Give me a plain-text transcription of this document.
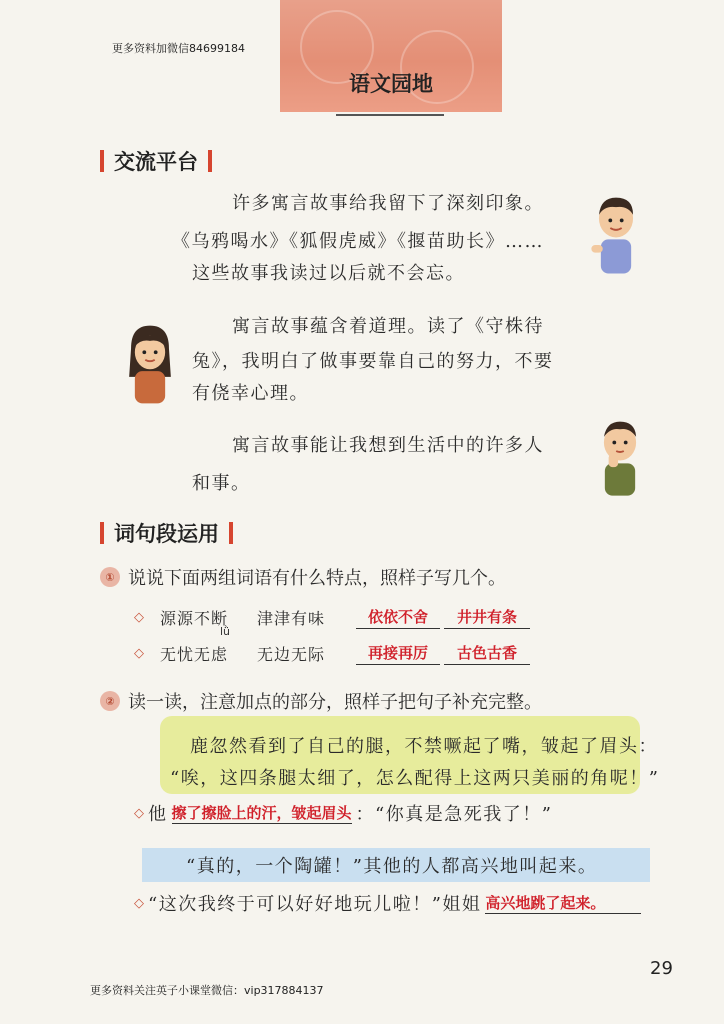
更多资料加微信84699184
语文园地
交流平台
许多寓言故事给我留下了深刻印象。
《乌鸦喝水》《狐假虎威》《揠苗助长》……
这些故事我读过以后就不会忘。
寓言故事蕴含着道理。读了《守株待
兔》，我明白了做事要靠自己的努力，不要
有侥幸心理。
寓言故事能让我想到生活中的许多人
和事。
词句段运用
① 说说下面两组词语有什么特点，照样子写几个。
◇ 源源不断 津津有味	依依不舍	井井有条
lǜ
◇ 无忧无虑 无边无际	再接再厉	古色古香
② 读一读，注意加点的部分，照样子把句子补充完整。
鹿忽然看到了自己的腿，不禁噘起了嘴，皱起了眉头：
“唉，这四条腿太细了，怎么配得上这两只美丽的角呢！”
◇ 他 擦了擦脸上的汗，皱起眉头 ：“你真是急死我了！”
“真的，一个陶罐！”其他的人都高兴地叫起来。
◇ “这次我终于可以好好地玩儿啦！”姐姐 高兴地跳了起来。
29
更多资料关注英子小课堂微信：vip317884137
